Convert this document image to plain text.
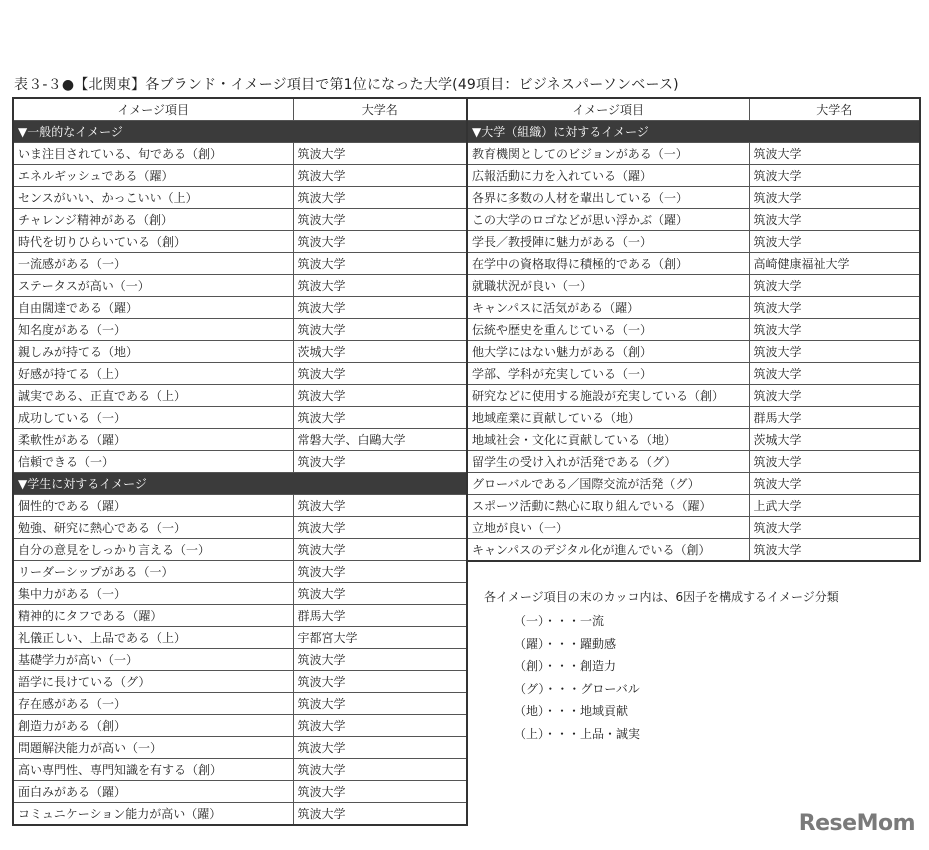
表３-３●【北関東】各ブランド・イメージ項目で第1位になった大学(49項目：ビジネスパーソンベース)
イメージ項目	大学名
▼一般的なイメージ	
いま注目されている、旬である（創）	筑波大学
エネルギッシュである（躍）	筑波大学
センスがいい、かっこいい（上）	筑波大学
チャレンジ精神がある（創）	筑波大学
時代を切りひらいている（創）	筑波大学
一流感がある（一）	筑波大学
ステータスが高い（一）	筑波大学
自由闊達である（躍）	筑波大学
知名度がある（一）	筑波大学
親しみが持てる（地）	茨城大学
好感が持てる（上）	筑波大学
誠実である、正直である（上）	筑波大学
成功している（一）	筑波大学
柔軟性がある（躍）	常磐大学、白鷗大学
信頼できる（一）	筑波大学
▼学生に対するイメージ	
個性的である（躍）	筑波大学
勉強、研究に熱心である（一）	筑波大学
自分の意見をしっかり言える（一）	筑波大学
リーダーシップがある（一）	筑波大学
集中力がある（一）	筑波大学
精神的にタフである（躍）	群馬大学
礼儀正しい、上品である（上）	宇都宮大学
基礎学力が高い（一）	筑波大学
語学に長けている（グ）	筑波大学
存在感がある（一）	筑波大学
創造力がある（創）	筑波大学
問題解決能力が高い（一）	筑波大学
高い専門性、専門知識を有する（創）	筑波大学
面白みがある（躍）	筑波大学
コミュニケーション能力が高い（躍）	筑波大学
イメージ項目	大学名
▼大学（組織）に対するイメージ	
教育機関としてのビジョンがある（一）	筑波大学
広報活動に力を入れている（躍）	筑波大学
各界に多数の人材を輩出している（一）	筑波大学
この大学のロゴなどが思い浮かぶ（躍）	筑波大学
学長／教授陣に魅力がある（一）	筑波大学
在学中の資格取得に積極的である（創）	高崎健康福祉大学
就職状況が良い（一）	筑波大学
キャンパスに活気がある（躍）	筑波大学
伝統や歴史を重んじている（一）	筑波大学
他大学にはない魅力がある（創）	筑波大学
学部、学科が充実している（一）	筑波大学
研究などに使用する施設が充実している（創）	筑波大学
地域産業に貢献している（地）	群馬大学
地域社会・文化に貢献している（地）	茨城大学
留学生の受け入れが活発である（グ）	筑波大学
グローバルである／国際交流が活発（グ）	筑波大学
スポーツ活動に熱心に取り組んでいる（躍）	上武大学
立地が良い（一）	筑波大学
キャンパスのデジタル化が進んでいる（創）	筑波大学
各イメージ項目の末のカッコ内は、6因子を構成するイメージ分類
（一）・・・一流
（躍）・・・躍動感
（創）・・・創造力
（グ）・・・グローバル
（地）・・・地域貢献
（上）・・・上品・誠実
ReseMom
